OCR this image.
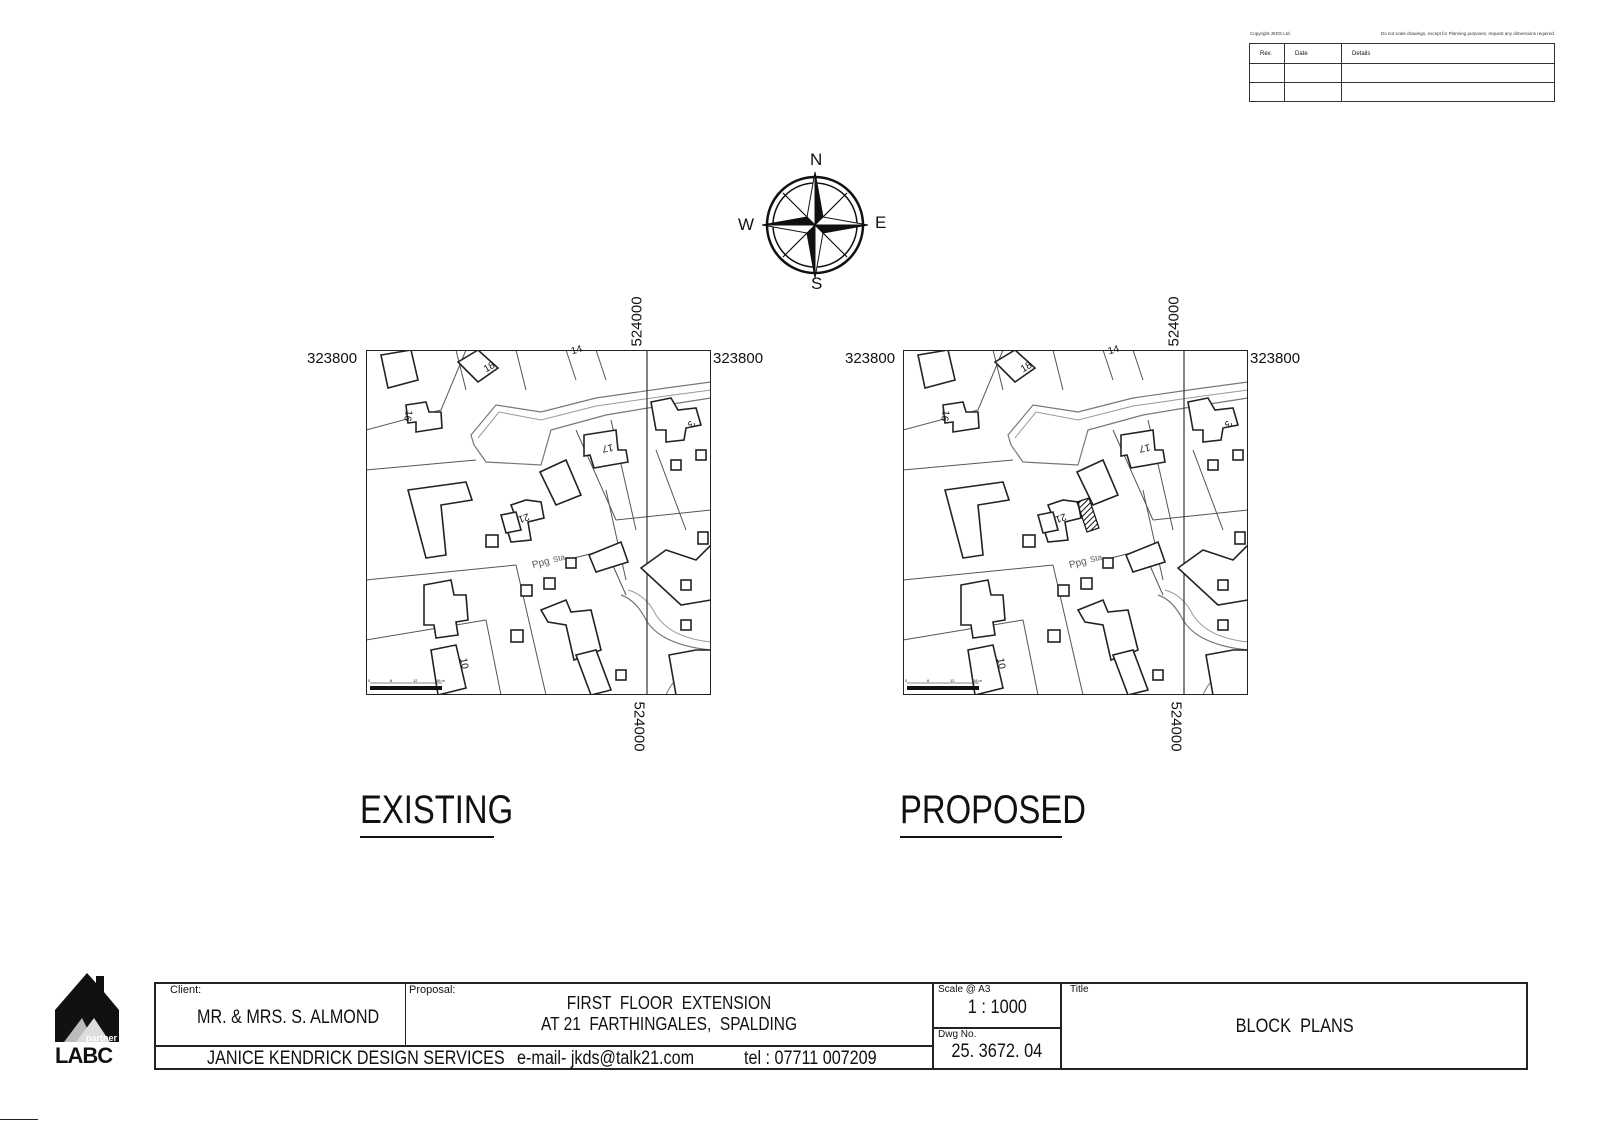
Copyright JKDS Ltd.	Do not scale drawings, except for Planning purposes, request any dimensions required.
Rev.	Date	Details

N
S
E
W
323800	323800
524000
524000
18
14
16
17
3
21
Ppg Sta
10
0	6	12	18 m
EXISTING
323800	323800
524000
524000
18
14
16
17
3
21
Ppg Sta
10
0	6	12	18 m
PROPOSED
partner
LABC
Client:
MR. & MRS. S. ALMOND
Proposal:
FIRST  FLOOR  EXTENSION
AT 21  FARTHINGALES,  SPALDING
JANICE KENDRICK DESIGN SERVICES e-mail- jkds@talk21.com	tel : 07711 007209
Scale @ A3
1 : 1000
Dwg No.
25. 3672. 04
Title
BLOCK  PLANS
